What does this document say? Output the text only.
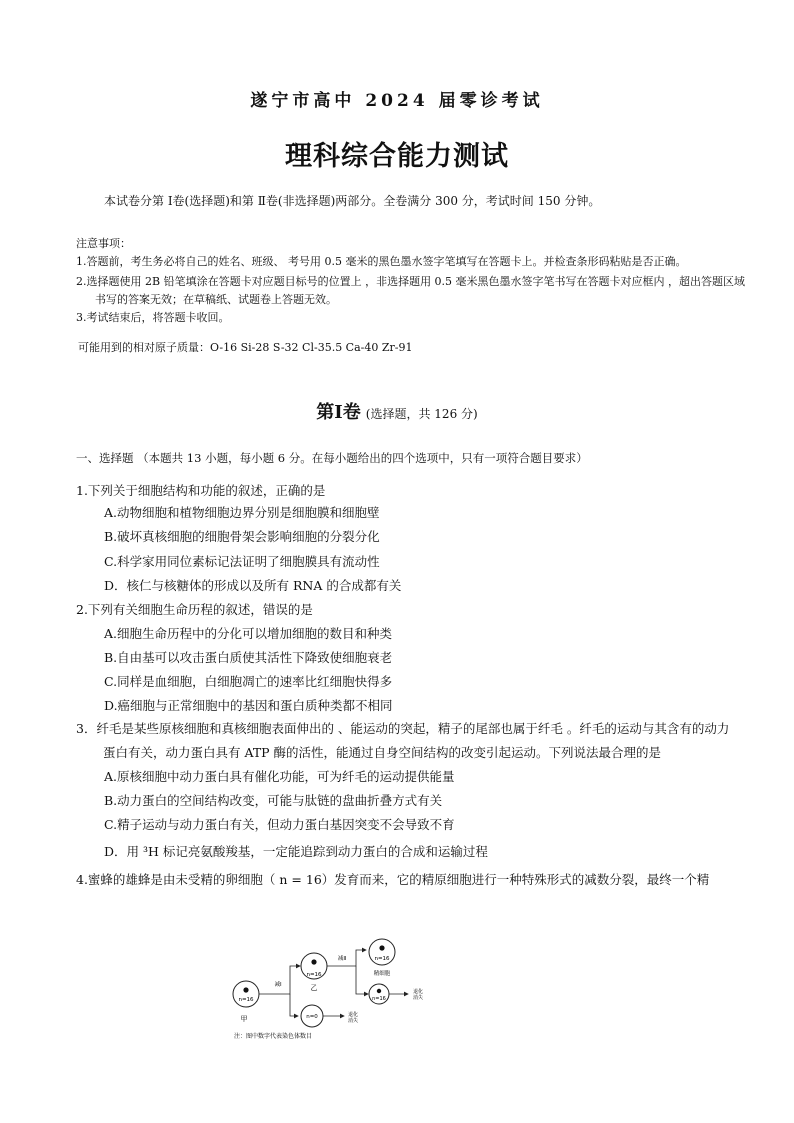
遂宁市高中 2024 届零诊考试
理科综合能力测试
本试卷分第 Ⅰ卷(选择题)和第 Ⅱ卷(非选择题)两部分。全卷满分 300 分，考试时间 150 分钟。
注意事项：
1.答题前，考生务必将自己的姓名、班级、 考号用 0.5 毫米的黑色墨水签字笔填写在答题卡上。并检查条形码粘贴是否正确。
2.选择题使用 2B 铅笔填涂在答题卡对应题目标号的位置上 ，非选择题用 0.5 毫米黑色墨水签字笔书写在答题卡对应框内 ，超出答题区域
书写的答案无效；在草稿纸、试题卷上答题无效。
3.考试结束后，将答题卡收回。
可能用到的相对原子质量：O-16 Si-28 S-32 Cl-35.5 Ca-40 Zr-91
第Ⅰ卷 (选择题，共 126 分)
一、选择题 （本题共 13 小题，每小题 6 分。在每小题给出的四个选项中，只有一项符合题目要求）
1.下列关于细胞结构和功能的叙述，正确的是
A.动物细胞和植物细胞边界分别是细胞膜和细胞壁
B.破坏真核细胞的细胞骨架会影响细胞的分裂分化
C.科学家用同位素标记法证明了细胞膜具有流动性
D．核仁与核糖体的形成以及所有 RNA 的合成都有关
2.下列有关细胞生命历程的叙述，错误的是
A.细胞生命历程中的分化可以增加细胞的数目和种类
B.自由基可以攻击蛋白质使其活性下降致使细胞衰老
C.同样是血细胞，白细胞凋亡的速率比红细胞快得多
D.癌细胞与正常细胞中的基因和蛋白质种类都不相同
3．纤毛是某些原核细胞和真核细胞表面伸出的 、能运动的突起，精子的尾部也属于纤毛 。纤毛的运动与其含有的动力
蛋白有关，动力蛋白具有 ATP 酶的活性，能通过自身空间结构的改变引起运动。下列说法最合理的是
A.原核细胞中动力蛋白具有催化功能，可为纤毛的运动提供能量
B.动力蛋白的空间结构改变，可能与肽链的盘曲折叠方式有关
C.精子运动与动力蛋白有关，但动力蛋白基因突变不会导致不育
D．用 ³H 标记亮氨酸羧基，一定能追踪到动力蛋白的合成和运输过程
4.蜜蜂的雄蜂是由未受精的卵细胞（ n = 16）发育而来，它的精原细胞进行一种特殊形式的减数分裂，最终一个精
n=16
甲
减Ⅰ
n=16
乙
n=0	退化
消失
减Ⅱ	n=16
精细胞
n=16
退化
消失
注：图中数字代表染色体数目
